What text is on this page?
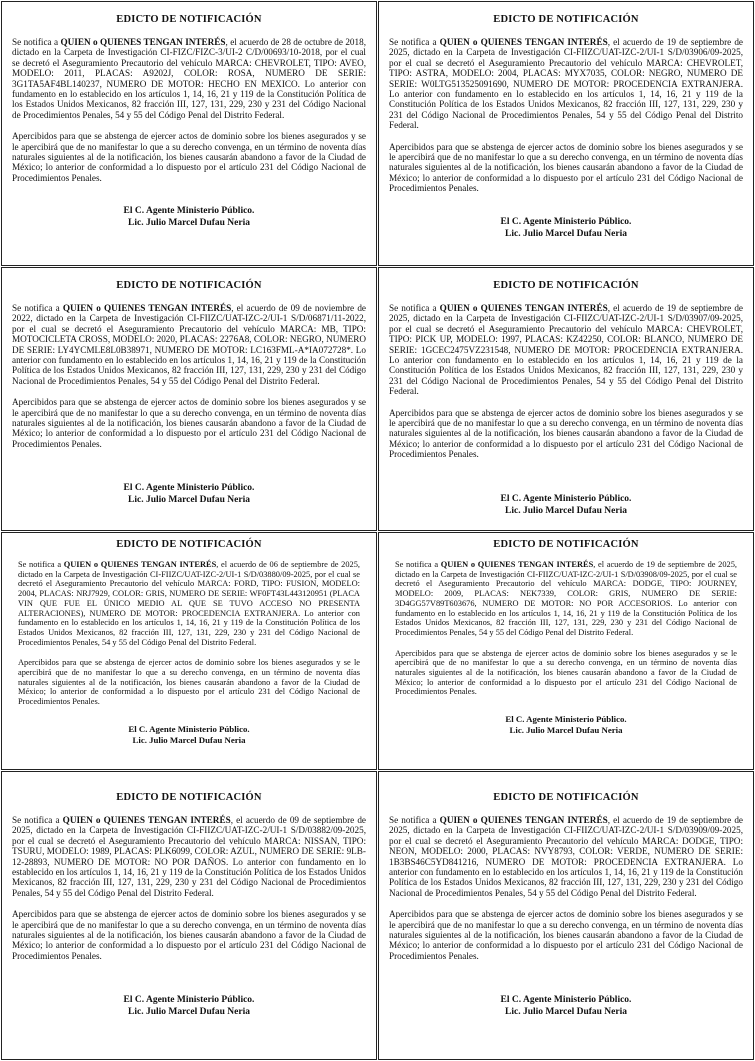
EDICTO DE NOTIFICACIÓN

Se notifica a QUIEN o QUIENES TENGAN INTERÉS, el acuerdo de 28 de octubre de 2018, dictado en la Carpeta de Investigación CI-FIZC/FIZC-3/UI-2 C/D/00693/10-2018, por el cual se decretó el Aseguramiento Precautorio del vehículo MARCA: CHEVROLET, TIPO: AVEO, MODELO: 2011, PLACAS: A9202J, COLOR: ROSA, NUMERO DE SERIE: 3G1TA5AF4BL140237, NUMERO DE MOTOR: HECHO EN MEXICO. Lo anterior con fundamento en lo establecido en los artículos 1, 14, 16, 21 y 119 de la Constitución Política de los Estados Unidos Mexicanos, 82 fracción III, 127, 131, 229, 230 y 231 del Código Nacional de Procedimientos Penales, 54 y 55 del Código Penal del Distrito Federal.

Apercibidos para que se abstenga de ejercer actos de dominio sobre los bienes asegurados y se le apercibirá que de no manifestar lo que a su derecho convenga, en un término de noventa días naturales siguientes al de la notificación, los bienes causarán abandono a favor de la Ciudad de México; lo anterior de conformidad a lo dispuesto por el artículo 231 del Código Nacional de Procedimientos Penales.

El C. Agente Ministerio Público.
Lic. Julio Marcel Dufau Neria
EDICTO DE NOTIFICACIÓN

Se notifica a QUIEN o QUIENES TENGAN INTERÉS, el acuerdo de 19 de septiembre de 2025, dictado en la Carpeta de Investigación CI-FIIZC/UAT-IZC-2/UI-1 S/D/03906/09-2025, por el cual se decretó el Aseguramiento Precautorio del vehículo MARCA: CHEVROLET, TIPO: ASTRA, MODELO: 2004, PLACAS: MYX7035, COLOR: NEGRO, NUMERO DE SERIE: W0LTG513525091690, NUMERO DE MOTOR: PROCEDENCIA EXTRANJERA. Lo anterior con fundamento en lo establecido en los artículos 1, 14, 16, 21 y 119 de la Constitución Política de los Estados Unidos Mexicanos, 82 fracción III, 127, 131, 229, 230 y 231 del Código Nacional de Procedimientos Penales, 54 y 55 del Código Penal del Distrito Federal.

Apercibidos para que se abstenga de ejercer actos de dominio sobre los bienes asegurados y se le apercibirá que de no manifestar lo que a su derecho convenga, en un término de noventa días naturales siguientes al de la notificación, los bienes causarán abandono a favor de la Ciudad de México; lo anterior de conformidad a lo dispuesto por el artículo 231 del Código Nacional de Procedimientos Penales.

El C. Agente Ministerio Público.
Lic. Julio Marcel Dufau Neria
EDICTO DE NOTIFICACIÓN

Se notifica a QUIEN o QUIENES TENGAN INTERÉS, el acuerdo de 09 de noviembre de 2022, dictado en la Carpeta de Investigación CI-FIIZC/UAT-IZC-2/UI-1 S/D/06871/11-2022, por el cual se decretó el Aseguramiento Precautorio del vehículo MARCA: MB, TIPO: MOTOCICLETA CROSS, MODELO: 2020, PLACAS: 2276A8, COLOR: NEGRO, NUMERO DE SERIE: LY4YCMLE8L0B38971, NUMERO DE MOTOR: LC163FML-A*IA072728*. Lo anterior con fundamento en lo establecido en los artículos 1, 14, 16, 21 y 119 de la Constitución Política de los Estados Unidos Mexicanos, 82 fracción III, 127, 131, 229, 230 y 231 del Código Nacional de Procedimientos Penales, 54 y 55 del Código Penal del Distrito Federal.

Apercibidos para que se abstenga de ejercer actos de dominio sobre los bienes asegurados y se le apercibirá que de no manifestar lo que a su derecho convenga, en un término de noventa días naturales siguientes al de la notificación, los bienes causarán abandono a favor de la Ciudad de México; lo anterior de conformidad a lo dispuesto por el artículo 231 del Código Nacional de Procedimientos Penales.

El C. Agente Ministerio Público.
Lic. Julio Marcel Dufau Neria
EDICTO DE NOTIFICACIÓN

Se notifica a QUIEN o QUIENES TENGAN INTERÉS, el acuerdo de 19 de septiembre de 2025, dictado en la Carpeta de Investigación CI-FIIZC/UAT-IZC-2/UI-1 S/D/03907/09-2025, por el cual se decretó el Aseguramiento Precautorio del vehículo MARCA: CHEVROLET, TIPO: PICK UP, MODELO: 1997, PLACAS: KZ42250, COLOR: BLANCO, NUMERO DE SERIE: 1GCEC2475VZ231548, NUMERO DE MOTOR: PROCEDENCIA EXTRANJERA. Lo anterior con fundamento en lo establecido en los artículos 1, 14, 16, 21 y 119 de la Constitución Política de los Estados Unidos Mexicanos, 82 fracción III, 127, 131, 229, 230 y 231 del Código Nacional de Procedimientos Penales, 54 y 55 del Código Penal del Distrito Federal.

Apercibidos para que se abstenga de ejercer actos de dominio sobre los bienes asegurados y se le apercibirá que de no manifestar lo que a su derecho convenga, en un término de noventa días naturales siguientes al de la notificación, los bienes causarán abandono a favor de la Ciudad de México; lo anterior de conformidad a lo dispuesto por el artículo 231 del Código Nacional de Procedimientos Penales.

El C. Agente Ministerio Público.
Lic. Julio Marcel Dufau Neria
EDICTO DE NOTIFICACIÓN

Se notifica a QUIEN o QUIENES TENGAN INTERÉS, el acuerdo de 06 de septiembre de 2025, dictado en la Carpeta de Investigación CI-FIIZC/UAT-IZC-2/UI-1 S/D/03880/09-2025, por el cual se decretó el Aseguramiento Precautorio del vehículo MARCA: FORD, TIPO: FUSION, MODELO: 2004, PLACAS: NRJ7929, COLOR: GRIS, NUMERO DE SERIE: WF0FT43L443120951 (PLACA VIN QUE FUE EL ÚNICO MEDIO AL QUE SE TUVO ACCESO NO PRESENTA ALTERACIONES), NUMERO DE MOTOR: PROCEDENCIA EXTRANJERA. Lo anterior con fundamento en lo establecido en los artículos 1, 14, 16, 21 y 119 de la Constitución Política de los Estados Unidos Mexicanos, 82 fracción III, 127, 131, 229, 230 y 231 del Código Nacional de Procedimientos Penales, 54 y 55 del Código Penal del Distrito Federal.

Apercibidos para que se abstenga de ejercer actos de dominio sobre los bienes asegurados y se le apercibirá que de no manifestar lo que a su derecho convenga, en un término de noventa días naturales siguientes al de la notificación, los bienes causarán abandono a favor de la Ciudad de México; lo anterior de conformidad a lo dispuesto por el artículo 231 del Código Nacional de Procedimientos Penales.

El C. Agente Ministerio Público.
Lic. Julio Marcel Dufau Neria
EDICTO DE NOTIFICACIÓN

Se notifica a QUIEN o QUIENES TENGAN INTERÉS, el acuerdo de 19 de septiembre de 2025, dictado en la Carpeta de Investigación CI-FIIZC/UAT-IZC-2/UI-1 S/D/03908/09-2025, por el cual se decretó el Aseguramiento Precautorio del vehículo MARCA: DODGE, TIPO: JOURNEY, MODELO: 2009, PLACAS: NEK7339, COLOR: GRIS, NUMERO DE SERIE: 3D4GG57V89T603676, NUMERO DE MOTOR: NO POR ACCESORIOS. Lo anterior con fundamento en lo establecido en los artículos 1, 14, 16, 21 y 119 de la Constitución Política de los Estados Unidos Mexicanos, 82 fracción III, 127, 131, 229, 230 y 231 del Código Nacional de Procedimientos Penales, 54 y 55 del Código Penal del Distrito Federal.

Apercibidos para que se abstenga de ejercer actos de dominio sobre los bienes asegurados y se le apercibirá que de no manifestar lo que a su derecho convenga, en un término de noventa días naturales siguientes al de la notificación, los bienes causarán abandono a favor de la Ciudad de México; lo anterior de conformidad a lo dispuesto por el artículo 231 del Código Nacional de Procedimientos Penales.

El C. Agente Ministerio Público.
Lic. Julio Marcel Dufau Neria
EDICTO DE NOTIFICACIÓN

Se notifica a QUIEN o QUIENES TENGAN INTERÉS, el acuerdo de 09 de septiembre de 2025, dictado en la Carpeta de Investigación CI-FIIZC/UAT-IZC-2/UI-1 S/D/03882/09-2025, por el cual se decretó el Aseguramiento Precautorio del vehículo MARCA: NISSAN, TIPO: TSURU, MODELO: 1989, PLACAS: PLK6099, COLOR: AZUL, NUMERO DE SERIE: 9LB-12-28893, NUMERO DE MOTOR: NO POR DAÑOS. Lo anterior con fundamento en lo establecido en los artículos 1, 14, 16, 21 y 119 de la Constitución Política de los Estados Unidos Mexicanos, 82 fracción III, 127, 131, 229, 230 y 231 del Código Nacional de Procedimientos Penales, 54 y 55 del Código Penal del Distrito Federal.

Apercibidos para que se abstenga de ejercer actos de dominio sobre los bienes asegurados y se le apercibirá que de no manifestar lo que a su derecho convenga, en un término de noventa días naturales siguientes al de la notificación, los bienes causarán abandono a favor de la Ciudad de México; lo anterior de conformidad a lo dispuesto por el artículo 231 del Código Nacional de Procedimientos Penales.

El C. Agente Ministerio Público.
Lic. Julio Marcel Dufau Neria
EDICTO DE NOTIFICACIÓN

Se notifica a QUIEN o QUIENES TENGAN INTERÉS, el acuerdo de 19 de septiembre de 2025, dictado en la Carpeta de Investigación CI-FIIZC/UAT-IZC-2/UI-1 S/D/03909/09-2025, por el cual se decretó el Aseguramiento Precautorio del vehículo MARCA: DODGE, TIPO: NEON, MODELO: 2000, PLACAS: NVY8793, COLOR: VERDE, NUMERO DE SERIE: 1B3BS46C5YD841216, NUMERO DE MOTOR: PROCEDENCIA EXTRANJERA. Lo anterior con fundamento en lo establecido en los artículos 1, 14, 16, 21 y 119 de la Constitución Política de los Estados Unidos Mexicanos, 82 fracción III, 127, 131, 229, 230 y 231 del Código Nacional de Procedimientos Penales, 54 y 55 del Código Penal del Distrito Federal.

Apercibidos para que se abstenga de ejercer actos de dominio sobre los bienes asegurados y se le apercibirá que de no manifestar lo que a su derecho convenga, en un término de noventa días naturales siguientes al de la notificación, los bienes causarán abandono a favor de la Ciudad de México; lo anterior de conformidad a lo dispuesto por el artículo 231 del Código Nacional de Procedimientos Penales.

El C. Agente Ministerio Público.
Lic. Julio Marcel Dufau Neria
